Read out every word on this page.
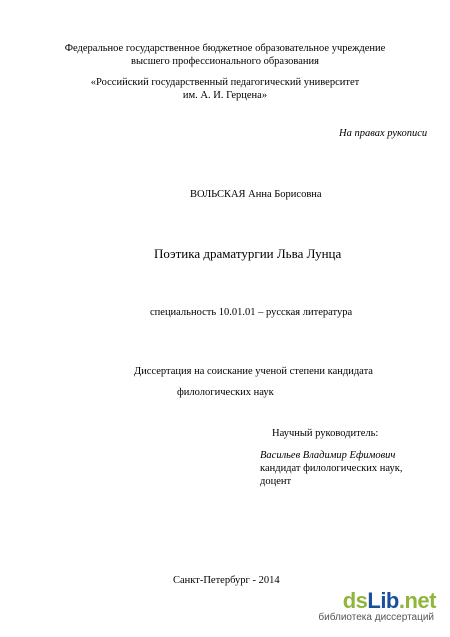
Федеральное государственное бюджетное образовательное учреждение
высшего профессионального образования
«Российский государственный педагогический университет
им. А. И. Герцена»
На правах рукописи
ВОЛЬСКАЯ Анна Борисовна
Поэтика драматургии Льва Лунца
специальность 10.01.01 – русская литература
Диссертация на соискание ученой степени кандидата
филологических наук
Научный руководитель:
Васильев Владимир Ефимович
кандидат филологических наук,
доцент
Санкт-Петербург - 2014
dsLib.net
библиотека диссертаций
